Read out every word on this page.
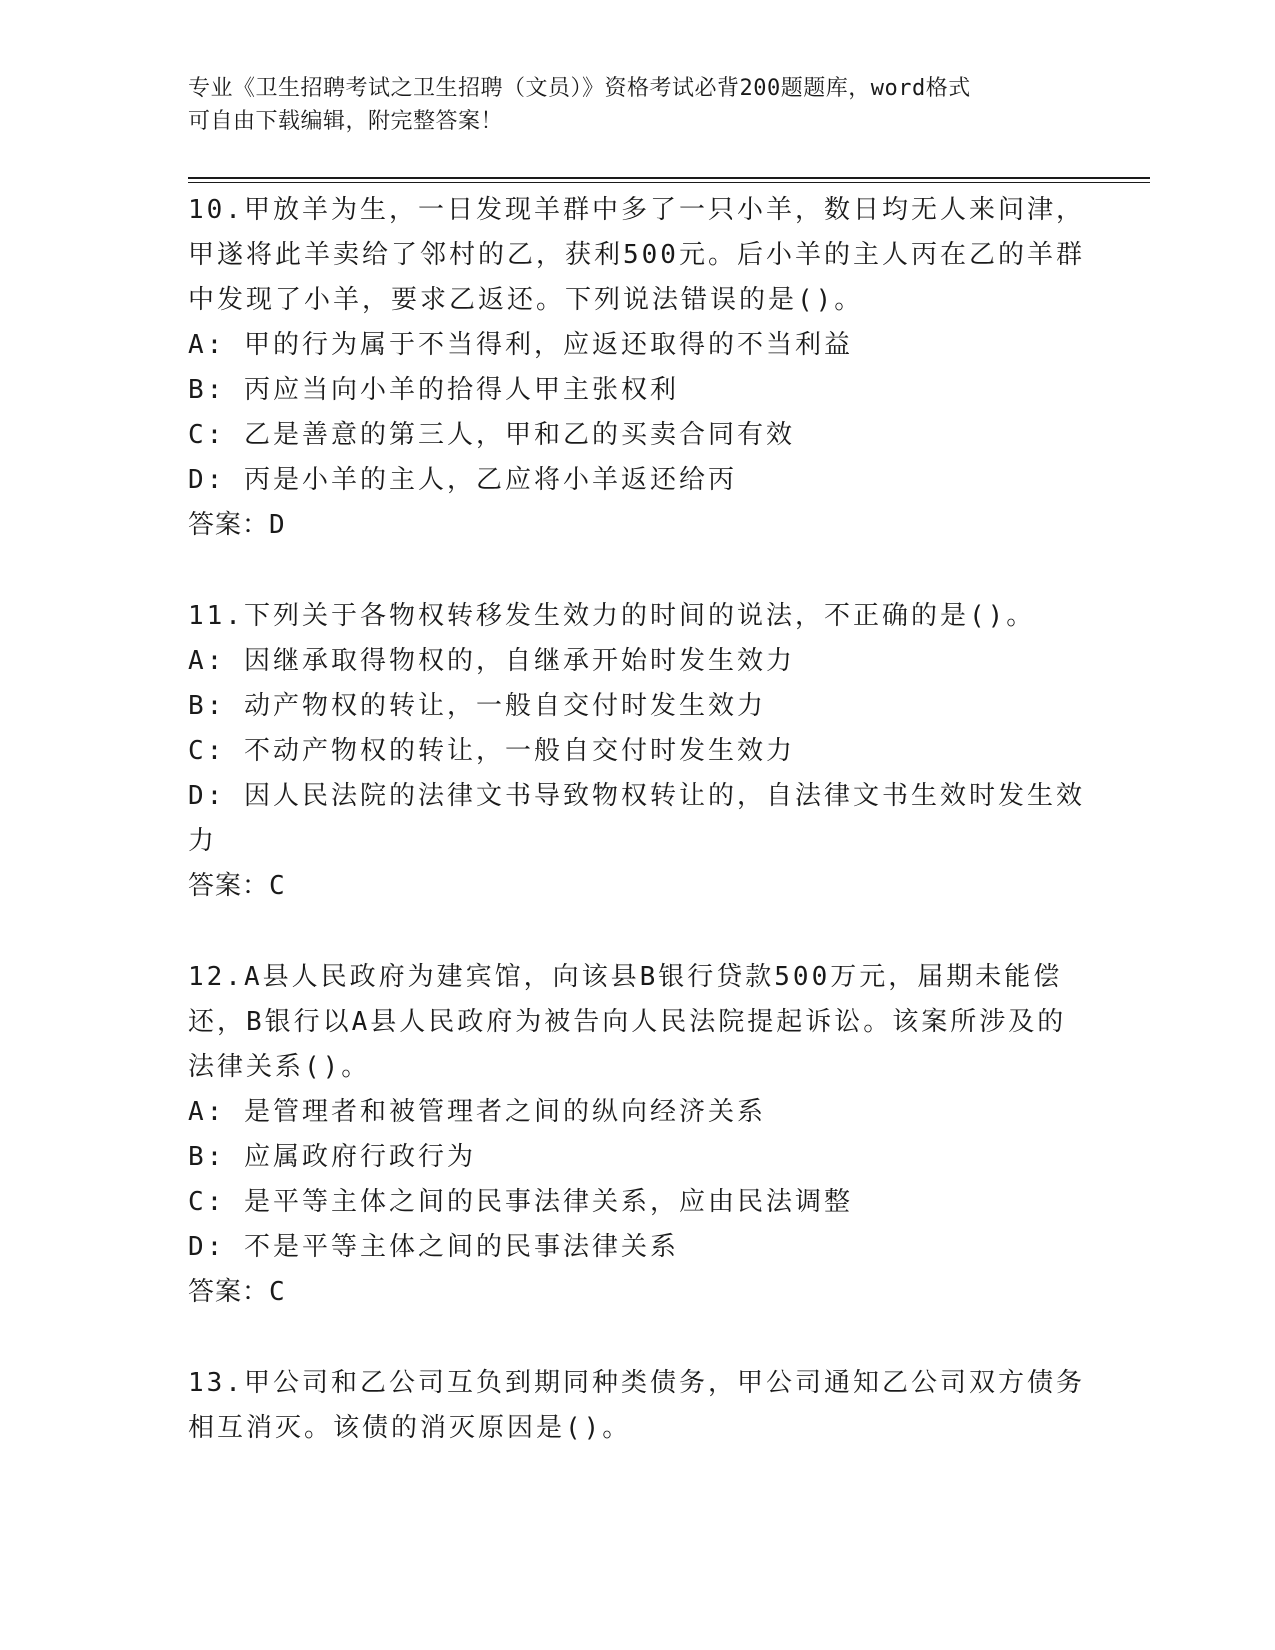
专业《卫生招聘考试之卫生招聘（文员）》资格考试必背200题题库，word格式
可自由下载编辑，附完整答案！
10.甲放羊为生，一日发现羊群中多了一只小羊，数日均无人来问津，甲遂将此羊卖给了邻村的乙，获利500元。后小羊的主人丙在乙的羊群中发现了小羊，要求乙返还。下列说法错误的是()。
A: 甲的行为属于不当得利，应返还取得的不当利益
B: 丙应当向小羊的拾得人甲主张权利
C: 乙是善意的第三人，甲和乙的买卖合同有效
D: 丙是小羊的主人，乙应将小羊返还给丙
答案：D
11.下列关于各物权转移发生效力的时间的说法，不正确的是()。
A: 因继承取得物权的，自继承开始时发生效力
B: 动产物权的转让，一般自交付时发生效力
C: 不动产物权的转让，一般自交付时发生效力
D: 因人民法院的法律文书导致物权转让的，自法律文书生效时发生效力
答案：C
12.A县人民政府为建宾馆，向该县B银行贷款500万元，届期未能偿还，B银行以A县人民政府为被告向人民法院提起诉讼。该案所涉及的法律关系()。
A: 是管理者和被管理者之间的纵向经济关系
B: 应属政府行政行为
C: 是平等主体之间的民事法律关系，应由民法调整
D: 不是平等主体之间的民事法律关系
答案：C
13.甲公司和乙公司互负到期同种类债务，甲公司通知乙公司双方债务相互消灭。该债的消灭原因是()。
